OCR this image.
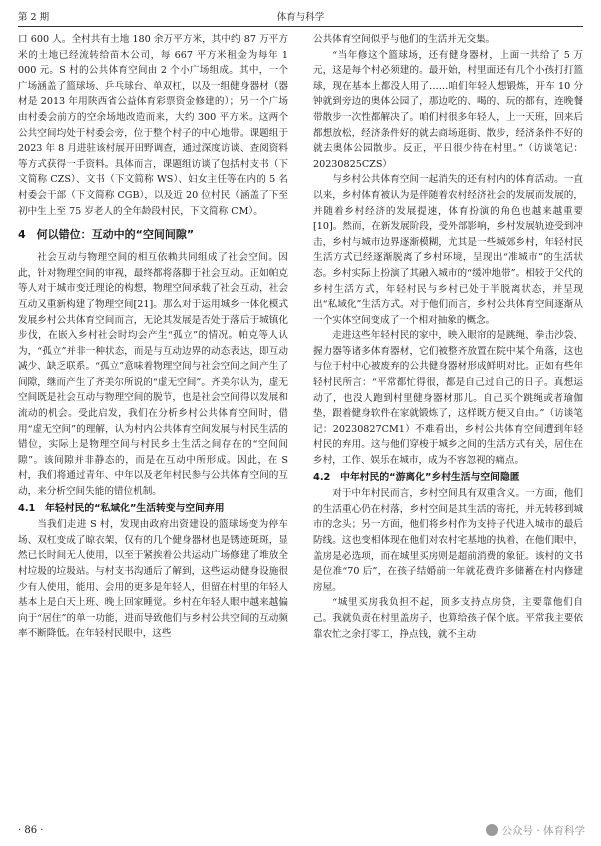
第 2 期	体育与科学

口 600 人。全村共有土地 180 余万平方米，其中约 87 万平方米的土地已经流转给苗木公司，每 667 平方米租金为每年 1 000 元。S 村的公共体育空间由 2 个小广场组成。其中，一个广场涵盖了篮球场、乒乓球台、单双杠，以及一组健身器材（器材是 2013 年用陕西省公益体育彩票资金修建的）；另一个广场由村委会前方的空余场地改造而来，大约 300 平方米。这两个公共空间均处于村委会旁，位于整个村子的中心地带。课题组于 2023 年 8 月进驻该村展开田野调查，通过深度访谈、查阅资料等方式获得一手资料。具体而言，课题组访谈了包括村支书（下文简称 CZS）、文书（下文简称 WS）、妇女主任等在内的 5 名村委会干部（下文简称 CGB），以及近 20 位村民（涵盖了下至初中生上至 75 岁老人的全年龄段村民，下文简称 CM）。

4　何以错位：互动中的“空间间隙”

社会互动与物理空间的相互依赖共同组成了社会空间。因此，针对物理空间的审视，最终都将落脚于社会互动。正如帕克等人对于城市变迁理论的构想，物理空间承载了社会互动，社会互动又重新构建了物理空间[21]。那么对于运用城乡一体化模式发展乡村公共体育空间而言，无论其发展是否处于落后于城镇化步伐，在嵌入乡村社会时均会产生“孤立”的情况。帕克等人认为，“孤立”并非一种状态，而是与互动边界的动态表达，即互动减少、缺乏联系。“孤立”意味着物理空间与社会空间之间产生了间隙，继而产生了齐美尔所说的“虚无空间”。齐美尔认为，虚无空间既是社会互动与物理空间的脱节，也是社会空间得以发展和流动的机会。受此启发，我们在分析乡村公共体育空间时，借用“虚无空间”的理解，认为村内公共体育空间发展与村民生活的错位，实际上是物理空间与村民乡土生活之间存在的“空间间隙”。该间隙并非静态的，而是在互动中所形成。因此，在 S 村，我们将通过青年、中年以及老年村民参与公共体育空间的互动，来分析空间失能的错位机制。

4.1　年轻村民的“私域化”生活转变与空间弃用

当我们走进 S 村，发现由政府出资建设的篮球场变为停车场、双杠变成了晾衣架，仅有的几个健身器材也是锈迹斑斑，显然已长时间无人使用，以至于紧挨着公共运动广场修建了堆放全村垃圾的垃圾站。与村支书沟通后了解到，这些运动健身设施很少有人使用，能用、会用的更多是年轻人，但留在村里的年轻人基本上是白天上班、晚上回家睡觉。乡村在年轻人眼中越来越偏向于“居住”的单一功能，进而导致他们与乡村公共空间的互动频率不断降低。在年轻村民眼中，这些

公共体育空间似乎与他们的生活并无交集。

“当年修这个篮球场，还有健身器材，上面一共给了 5 万元，这是每个村必须建的。最开始，村里面还有几个小孩打打篮球，现在基本上都没人用了……咱们年轻人想锻炼，开车 10 分钟就到旁边的奥体公园了，那边吃的、喝的、玩的都有，连晚餐带散步一次性都解决了。咱们村很多年轻人，上一天班，回来后都想放松，经济条件好的就去商场逛街、散步，经济条件不好的就去奥体公园散步。反正，平日很少待在村里。”（访谈笔记：20230825CZS）

与乡村公共体育空间一起消失的还有村内的体育活动。一直以来，乡村体育被认为是伴随着农村经济社会的发展而发展的，并随着乡村经济的发展提速，体育扮演的角色也越来越重要[10]。然而，在新发展阶段，受外部影响，乡村发展轨迹受到冲击，乡村与城市边界逐渐模糊，尤其是一些城郊乡村，年轻村民生活方式已经逐渐脱离了乡村环境，呈现出“准城市”的生活状态。乡村实际上扮演了其融入城市的“缓冲地带”。相较于父代的乡村生活方式，年轻村民与乡村已处于半脱离状态，并呈现出“私域化”生活方式。对于他们而言，乡村公共体育空间逐渐从一个实体空间变成了一个相对抽象的概念。

走进这些年轻村民的家中，映入眼帘的是跳绳、拳击沙袋、握力器等诸多体育器材，它们被整齐放置在院中某个角落，这也与位于村中心被废弃的公共健身器材形成鲜明对比。正如有些年轻村民所言：“平常都忙得很，都是自己过自己的日子。真想运动了，也没人跑到村里健身器材那儿。自己买个跳绳或者瑜伽垫，跟着健身软件在家就锻炼了，这样既方便又自由。”（访谈笔记：20230827CM1）不难看出，乡村公共体育空间遭到年轻村民的弃用。这与他们穿梭于城乡之间的生活方式有关，居住在乡村，工作、娱乐在城市，成为不容忽视的痛点。

4.2　中年村民的“游离化”乡村生活与空间隐匿

对于中年村民而言，乡村空间具有双重含义。一方面，他们的生活重心仍在村落，乡村空间是其生活的寄托，并无转移到城市的念头；另一方面，他们将乡村作为支持子代进入城市的最后防线。这也变相体现在他们对农村宅基地的执着，在他们眼中，盖房是必选项，而在城里买房则是超前消费的象征。该村的文书是位准“70 后”，在孩子结婚前一年就花费许多储蓄在村内修建房屋。

“城里买房我负担不起，顶多支持点房贷，主要靠他们自己。我就负责在村里盖房子，也算给孩子保个底。平常我主要依靠农忙之余打零工，挣点钱，就不主动

· 86 ·	公众号 · 体育科学
